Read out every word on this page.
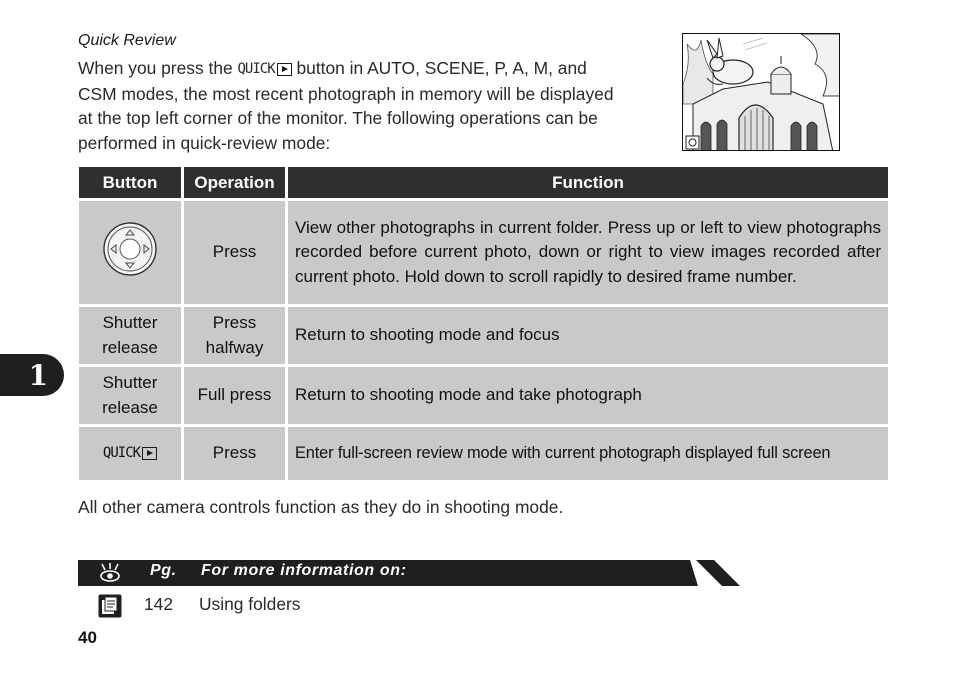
Quick Review

When you press the QUICK button in AUTO, SCENE, P, A, M, and CSM modes, the most recent photograph in memory will be displayed at the top left corner of the monitor. The following operations can be performed in quick-review mode:

Button	Operation	Function
	Press	View other photographs in current folder. Press up or left to view photographs recorded before current photo, down or right to view images recorded after current photo. Hold down to scroll rapidly to desired frame number.
Shutter release	Press halfway	Return to shooting mode and focus
Shutter release	Full press	Return to shooting mode and take photograph

QUICK	Press	Enter full-screen review mode with current photograph displayed full screen
All other camera controls function as they do in shooting mode.
1
Pg. For more information on:
142 Using folders
40
